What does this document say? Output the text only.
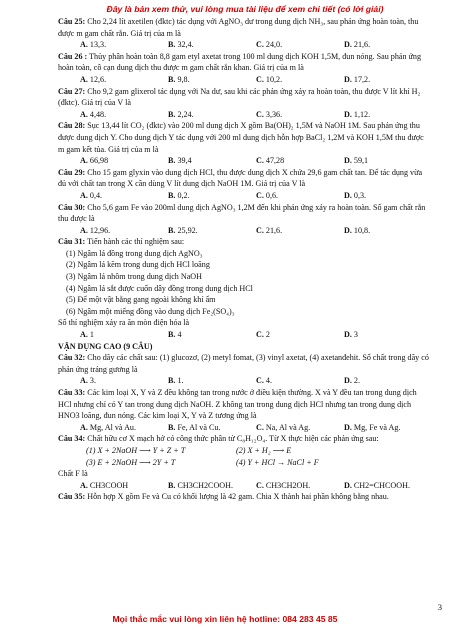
Đây là bản xem thử, vui lòng mua tài liệu để xem chi tiết (có lời giải)
Câu 25: Cho 2,24 lít axetilen (đktc) tác dụng với AgNO₃ dư trong dung dịch NH₃, sau phản ứng hoàn toàn, thu được m gam chất rắn. Giá trị của m là
A. 13,3.	B. 32,4.	C. 24,0.	D. 21,6.
Câu 26 : Thủy phân hoàn toàn 8,8 gam etyl axetat trong 100 ml dung dịch KOH 1,5M, đun nóng. Sau phản ứng hoàn toàn, cô cạn dung dịch thu được m gam chất rắn khan. Giá trị của m là
A. 12,6.	B. 9,8.	C. 10,2.	D. 17,2.
Câu 27: Cho 9,2 gam glixerol tác dụng với Na dư, sau khi các phản ứng xảy ra hoàn toàn, thu được V lít khí H₂ (đktc). Giá trị của V là
A. 4,48.	B. 2,24.	C. 3,36.	D. 1,12.
Câu 28: Sục 13,44 lít CO₂ (đktc) vào 200 ml dung dịch X gồm Ba(OH)₂ 1,5M và NaOH 1M. Sau phản ứng thu được dung dịch Y. Cho dung dịch Y tác dụng với 200 ml dung dịch hỗn hợp BaCl₂ 1,2M và KOH 1,5M thu được m gam kết tủa. Giá trị của m là
A. 66,98	B. 39,4	C. 47,28	D. 59,1
Câu 29: Cho 15 gam glyxin vào dung dịch HCl, thu được dung dịch X chứa 29,6 gam chất tan. Để tác dụng vừa đủ với chất tan trong X cần dùng V lít dung dịch NaOH 1M. Giá trị của V là
A. 0,4.	B. 0,2.	C. 0,6.	D. 0,3.
Câu 30: Cho 5,6 gam Fe vào 200ml dung dịch AgNO₃ 1,2M đến khi phản ứng xảy ra hoàn toàn. Số gam chất rắn thu được là
A. 12,96.	B. 25,92.	C. 21,6.	D. 10,8.
Câu 31: Tiến hành các thí nghiệm sau:
(1) Ngâm lá đồng trong dung dịch AgNO₃
(2) Ngâm lá kẽm trong dung dịch HCl loãng
(3) Ngâm lá nhôm trong dung dịch NaOH
(4) Ngâm lá sắt được cuốn dây đồng trong dung dịch HCl
(5) Để một vật bằng gang ngoài không khí ẩm
(6) Ngâm một miếng đồng vào dung dịch Fe₂(SO₄)₃
Số thí nghiệm xảy ra ăn mòn điện hóa là
A. 1	B. 4	C. 2	D. 3
VẬN DỤNG CAO (9 CÂU)
Câu 32: Cho dãy các chất sau: (1) glucozơ, (2) metyl fomat, (3) vinyl axetat, (4) axetanđehit. Số chất trong dãy có phản ứng tráng gương là
A. 3.	B. 1.	C. 4.	D. 2.
Câu 33: Các kim loại X, Y và Z đều không tan trong nước ở điều kiện thường. X và Y đều tan trong dung dịch HCl nhưng chỉ có Y tan trong dung dịch NaOH. Z không tan trong dung dịch HCl nhưng tan trong dung dịch HNO3 loãng, đun nóng. Các kim loại X, Y và Z tương ứng là
A. Mg, Al và Au.	B. Fe, Al và Cu.	C. Na, Al và Ag.	D. Mg, Fe và Ag.
Câu 34: Chất hữu cơ X mạch hở có công thức phân tử C₈H₁₂O₄. Từ X thực hiện các phản ứng sau:
(1) X + 2NaOH ⟶ Y + Z + T	(2) X + H₂ ⟶ E
(3) E + 2NaOH ⟶ 2Y + T	(4) Y + HCl → NaCl + F
Chất F là
A. CH3COOH	B. CH3CH2COOH.	C. CH3CH2OH.	D. CH2=CHCOOH.
Câu 35: Hỗn hợp X gồm Fe và Cu có khối lượng là 42 gam. Chia X thành hai phần không bằng nhau.
3
Mọi thắc mắc vui lòng xin liên hệ hotline: 084 283 45 85
